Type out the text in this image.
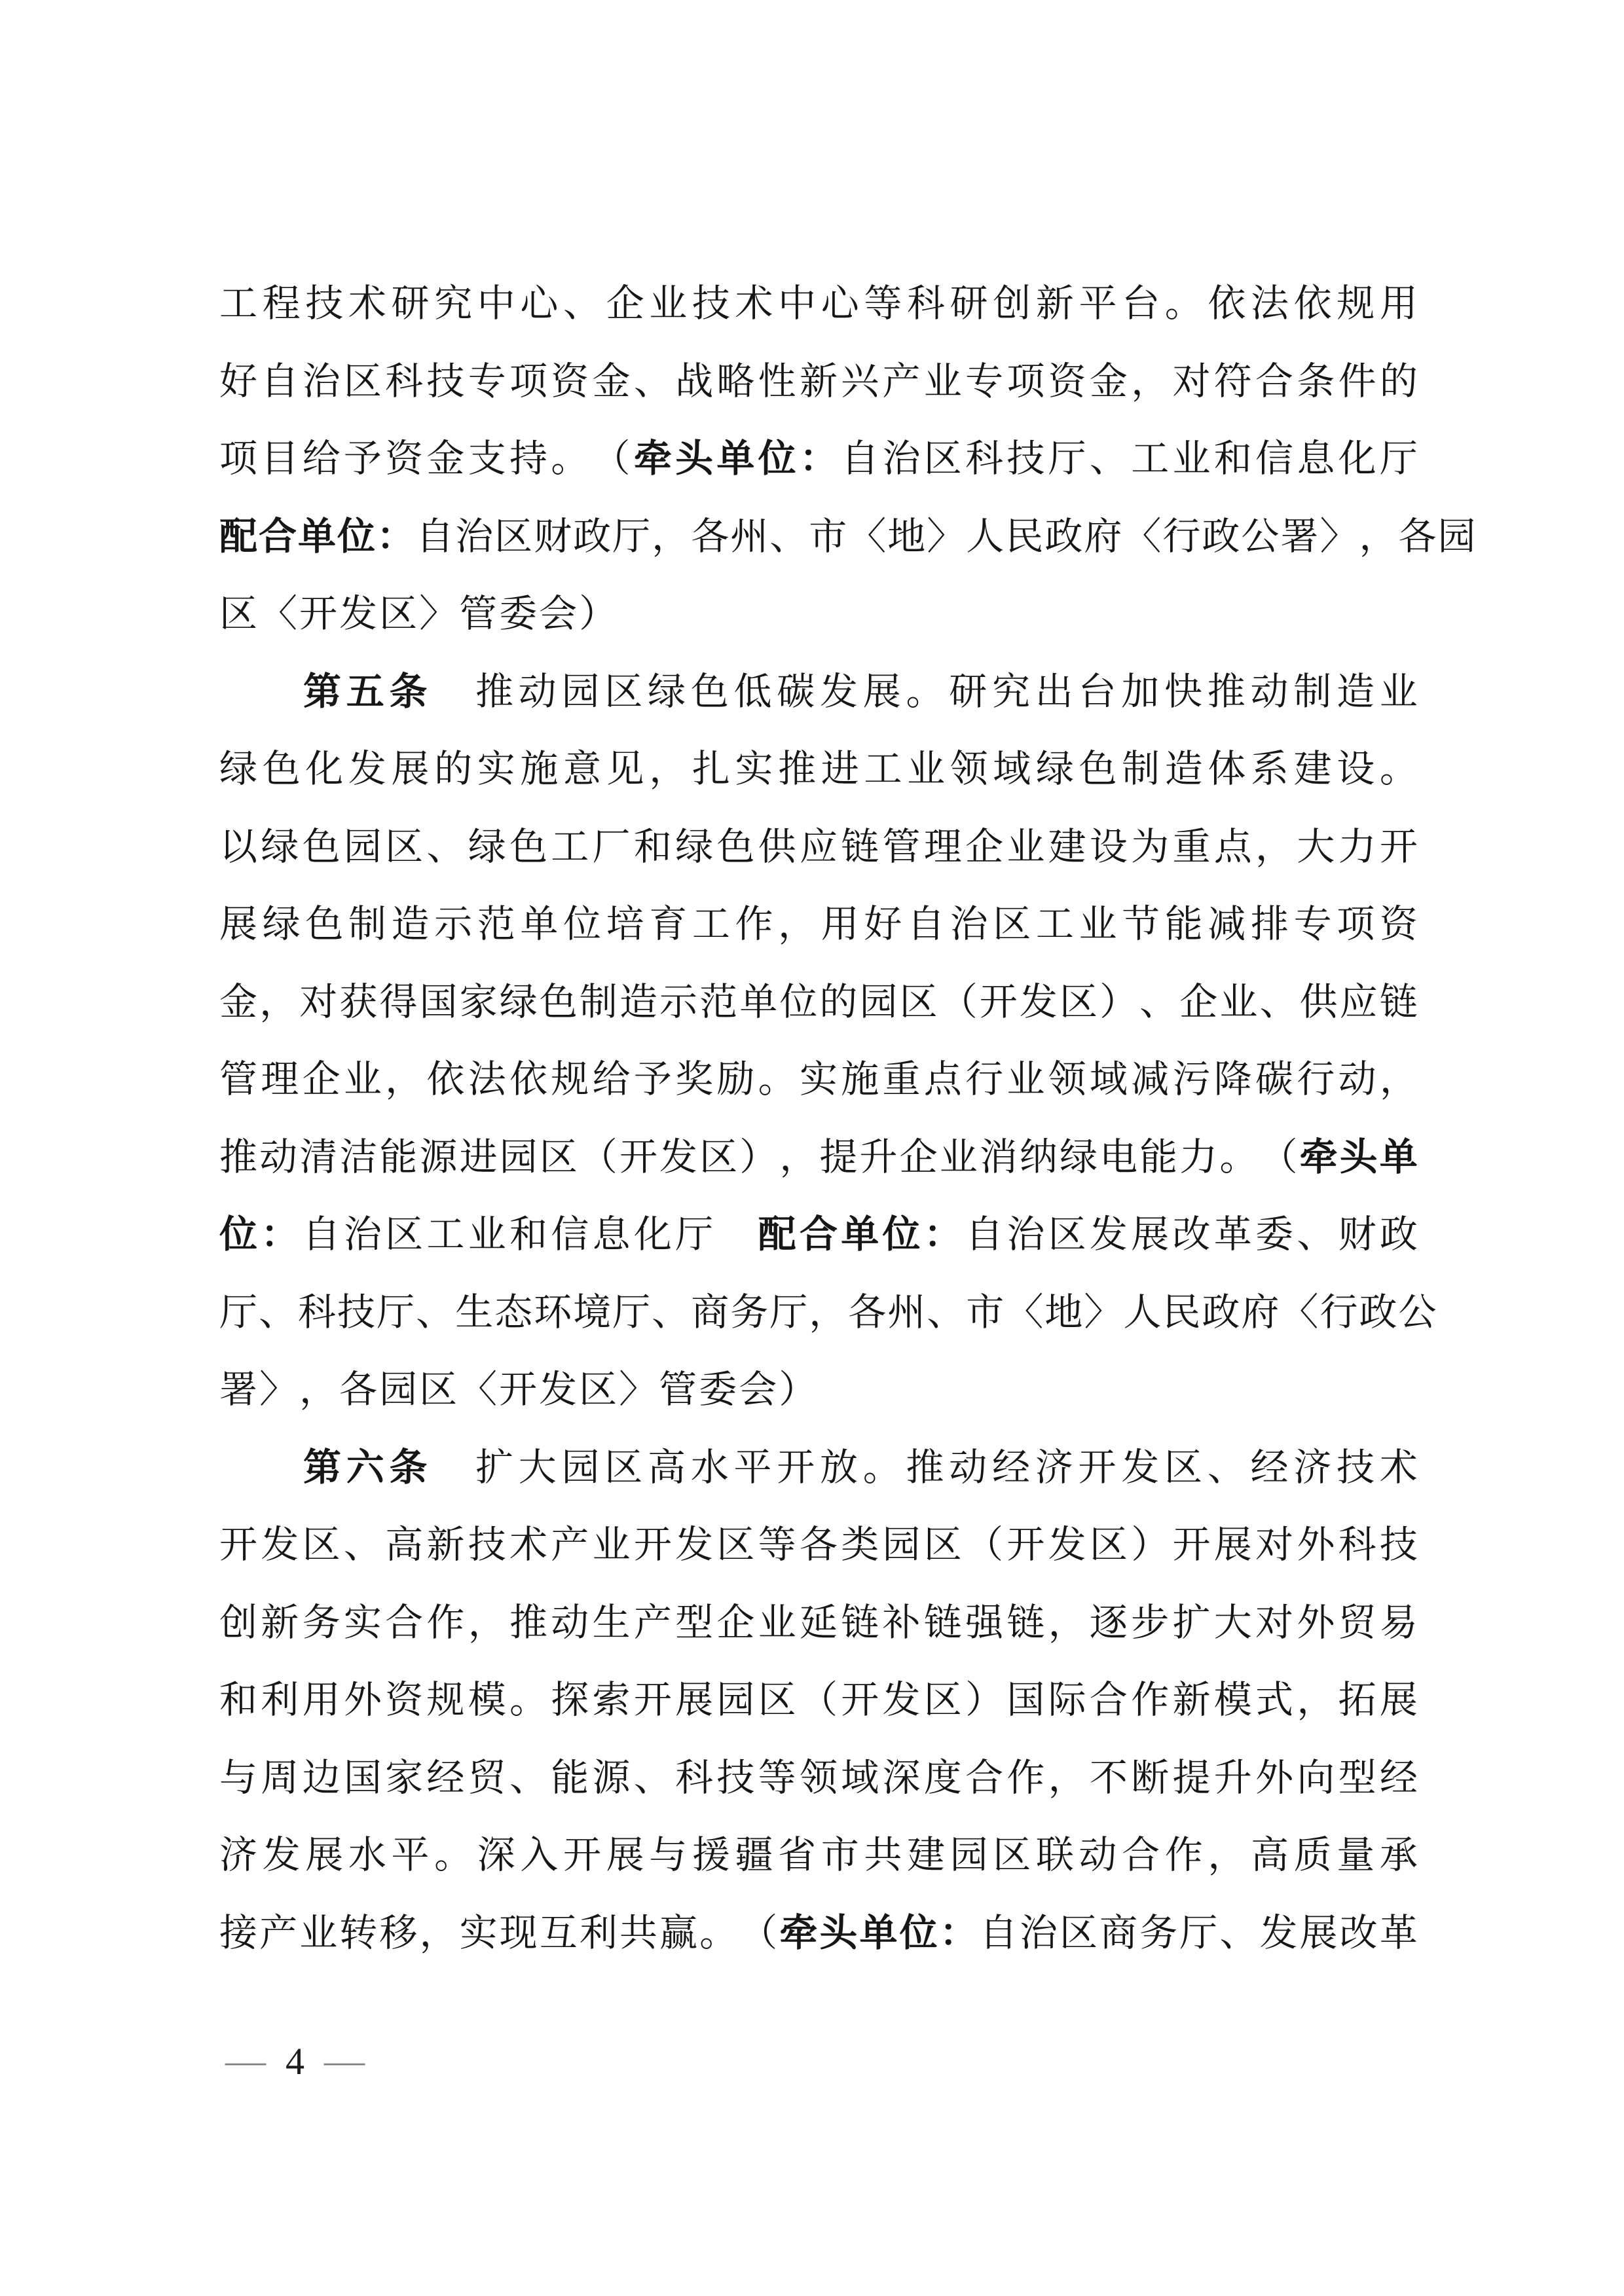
工 程 技 术 研 究 中 心 、 企 业 技 术 中 心 等 科 研 创 新 平 台 。 依 法 依 规 用
好 自 治 区 科 技 专 项 资 金 、 战 略 性 新 兴 产 业 专 项 资 金 ， 对 符 合 条 件 的
项 目 给 予 资 金 支 持 。 （ 牵 头 单 位 ： 自 治 区 科 技 厅 、 工 业 和 信 息 化 厅
配 合 单 位 ： 自 治 区 财 政 厅 ， 各 州 、 市 〈 地 〉 人 民 政 府 〈 行 政 公 署 〉 ， 各 园
区 〈 开 发 区 〉 管 委 会 ）
第 五 条
　 推 动 园 区 绿 色 低 碳 发 展 。 研 究 出 台 加 快 推 动 制 造 业
绿 色 化 发 展 的 实 施 意 见 ， 扎 实 推 进 工 业 领 域 绿 色 制 造 体 系 建 设 。
以 绿 色 园 区 、 绿 色 工 厂 和 绿 色 供 应 链 管 理 企 业 建 设 为 重 点 ， 大 力 开
展 绿 色 制 造 示 范 单 位 培 育 工 作 ， 用 好 自 治 区 工 业 节 能 减 排 专 项 资
金 ， 对 获 得 国 家 绿 色 制 造 示 范 单 位 的 园 区 （ 开 发 区 ） 、 企 业 、 供 应 链
管 理 企 业 ， 依 法 依 规 给 予 奖 励 。 实 施 重 点 行 业 领 域 减 污 降 碳 行 动 ，
推 动 清 洁 能 源 进 园 区 （ 开 发 区 ） ， 提 升 企 业 消 纳 绿 电 能 力 。 （ 牵 头 单
位 ： 自 治 区 工 业 和 信 息 化 厅
　 配 合 单 位 ： 自 治 区 发 展 改 革 委 、 财 政
厅 、 科 技 厅 、 生 态 环 境 厅 、 商 务 厅 ， 各 州 、 市 〈 地 〉 人 民 政 府 〈 行 政 公
署 〉 ， 各 园 区 〈 开 发 区 〉 管 委 会 ）
第 六 条
　 扩 大 园 区 高 水 平 开 放 。 推 动 经 济 开 发 区 、 经 济 技 术
开 发 区 、 高 新 技 术 产 业 开 发 区 等 各 类 园 区 （ 开 发 区 ） 开 展 对 外 科 技
创 新 务 实 合 作 ， 推 动 生 产 型 企 业 延 链 补 链 强 链 ， 逐 步 扩 大 对 外 贸 易
和 利 用 外 资 规 模 。 探 索 开 展 园 区 （ 开 发 区 ） 国 际 合 作 新 模 式 ， 拓 展
与 周 边 国 家 经 贸 、 能 源 、 科 技 等 领 域 深 度 合 作 ， 不 断 提 升 外 向 型 经
济 发 展 水 平 。 深 入 开 展 与 援 疆 省 市 共 建 园 区 联 动 合 作 ， 高 质 量 承
接 产 业 转 移 ， 实 现 互 利 共 赢 。 （ 牵 头 单 位 ： 自 治 区 商 务 厅 、 发 展 改 革
— 4 —
